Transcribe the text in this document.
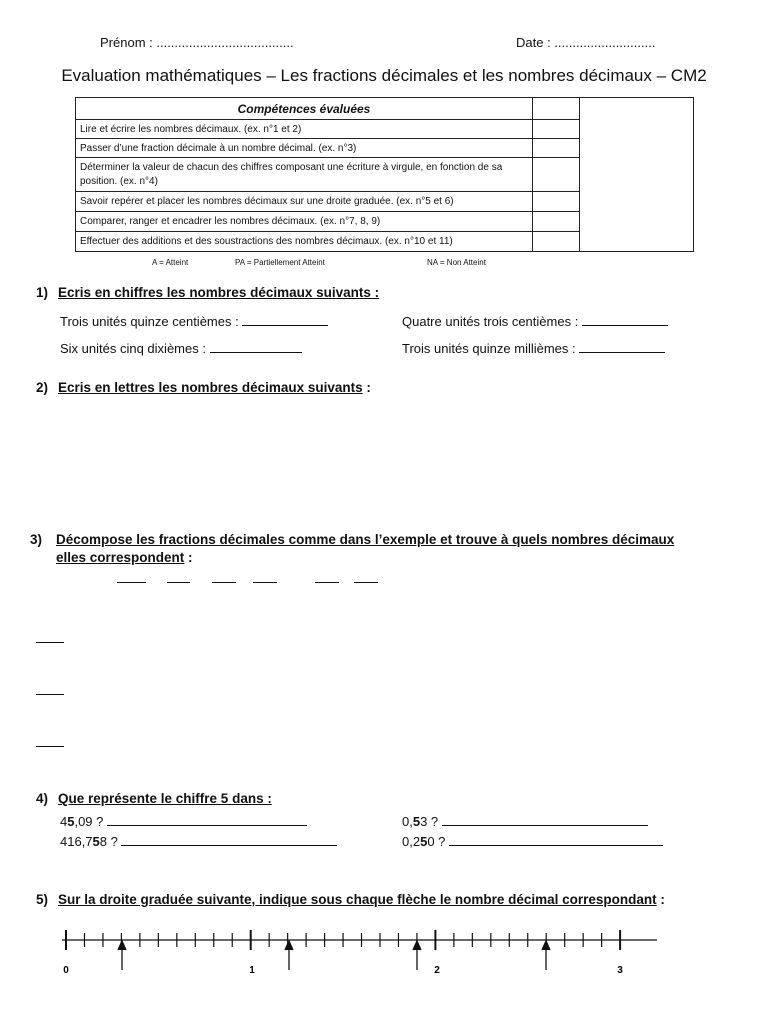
Prénom : ......................................	Date : ............................
Evaluation mathématiques – Les fractions décimales et les nombres décimaux – CM2
Compétences évaluées		
Lire et écrire les nombres décimaux. (ex. n°1 et 2)		
Passer d’une fraction décimale à un nombre décimal. (ex. n°3)		
Déterminer la valeur de chacun des chiffres composant une écriture à virgule, en fonction de sa position. (ex. n°4)		
Savoir repérer et placer les nombres décimaux sur une droite graduée. (ex. n°5 et 6)		
Comparer, ranger et encadrer les nombres décimaux. (ex. n°7, 8, 9)		
Effectuer des additions et des soustractions des nombres décimaux. (ex. n°10 et 11)		
A = Atteint	PA = Partiellement Atteint	NA = Non Atteint
1) Ecris en chiffres les nombres décimaux suivants :
Trois unités quinze centièmes :	Quatre unités trois centièmes :
Six unités cinq dixièmes :	Trois unités quinze millièmes :
2) Ecris en lettres les nombres décimaux suivants :
3) Décompose les fractions décimales comme dans l’exemple et trouve à quels nombres décimaux
elles correspondent :
4) Que représente le chiffre 5 dans :
45,09 ?	0,53 ?
416,758 ?	0,250 ?
5) Sur la droite graduée suivante, indique sous chaque flèche le nombre décimal correspondant :
0	1	2	3
